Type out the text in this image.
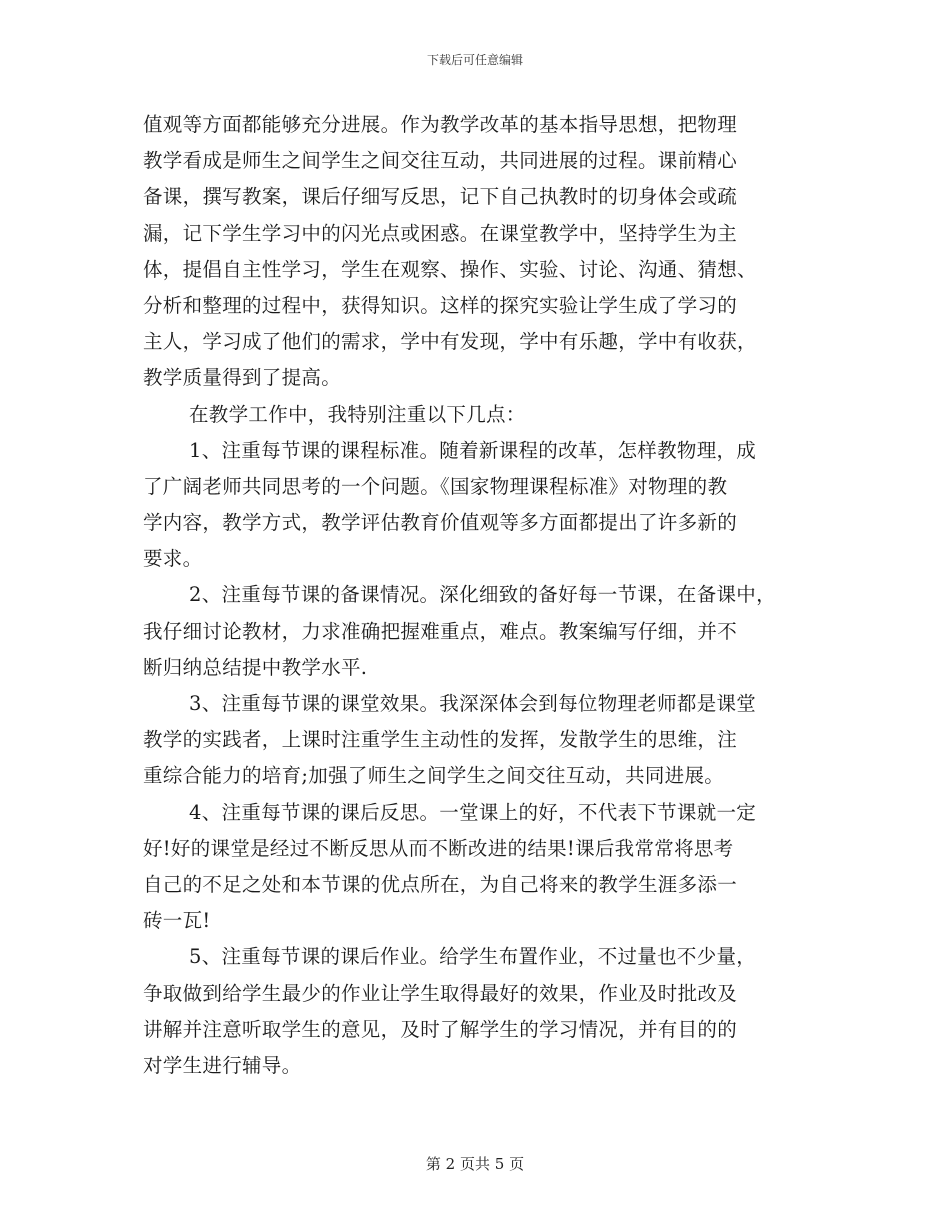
下载后可任意编辑
值观等方面都能够充分进展。作为教学改革的基本指导思想，把物理
教学看成是师生之间学生之间交往互动，共同进展的过程。课前精心
备课，撰写教案，课后仔细写反思，记下自己执教时的切身体会或疏
漏，记下学生学习中的闪光点或困惑。在课堂教学中，坚持学生为主
体，提倡自主性学习，学生在观察、操作、实验、讨论、沟通、猜想、
分析和整理的过程中，获得知识。这样的探究实验让学生成了学习的
主人，学习成了他们的需求，学中有发现，学中有乐趣，学中有收获，
教学质量得到了提高。
在教学工作中，我特别注重以下几点：
1、注重每节课的课程标准。随着新课程的改革，怎样教物理，成
了广阔老师共同思考的一个问题。《国家物理课程标准》对物理的教
学内容，教学方式，教学评估教育价值观等多方面都提出了许多新的
要求。
2、注重每节课的备课情况。深化细致的备好每一节课，在备课中，
我仔细讨论教材，力求准确把握难重点，难点。教案编写仔细，并不
断归纳总结提中教学水平.
3、注重每节课的课堂效果。我深深体会到每位物理老师都是课堂
教学的实践者，上课时注重学生主动性的发挥，发散学生的思维，注
重综合能力的培育;加强了师生之间学生之间交往互动，共同进展。
4、注重每节课的课后反思。一堂课上的好，不代表下节课就一定
好!好的课堂是经过不断反思从而不断改进的结果!课后我常常将思考
自己的不足之处和本节课的优点所在，为自己将来的教学生涯多添一
砖一瓦!
5、注重每节课的课后作业。给学生布置作业，不过量也不少量，
争取做到给学生最少的作业让学生取得最好的效果，作业及时批改及
讲解并注意听取学生的意见，及时了解学生的学习情况，并有目的的
对学生进行辅导。
第 2 页共 5 页
